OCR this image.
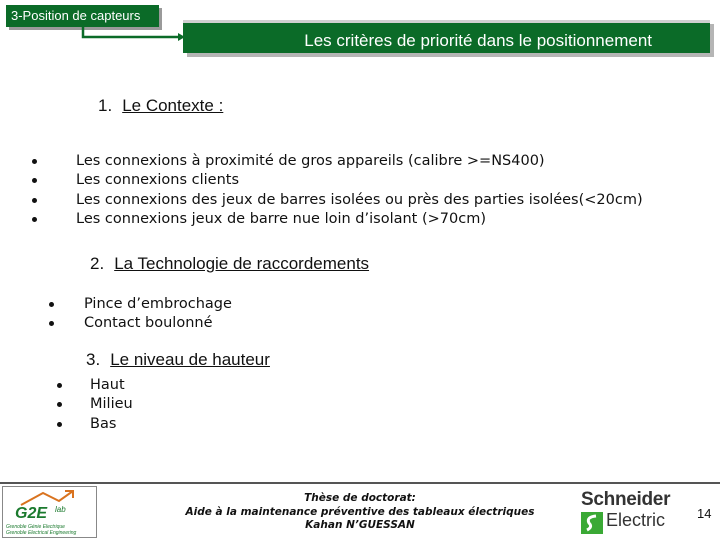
3-Position de capteurs
Les critères de priorité dans le positionnement
1. Le Contexte :
Les connexions à proximité de gros appareils (calibre >=NS400)
Les connexions clients
Les connexions des jeux de barres isolées ou près des parties isolées(<20cm)
Les connexions jeux de barre nue loin d’isolant (>70cm)
2. La Technologie de raccordements
Pince d’embrochage
Contact boulonné
3. Le niveau de hauteur
Haut
Milieu
Bas
G2E lab
Grenoble Génie Electrique
Grenoble Electrical Engineering
Thèse de doctorat:
Aide à la maintenance préventive des tableaux électriques
Kahan N’GUESSAN
Schneider
Electric 14
